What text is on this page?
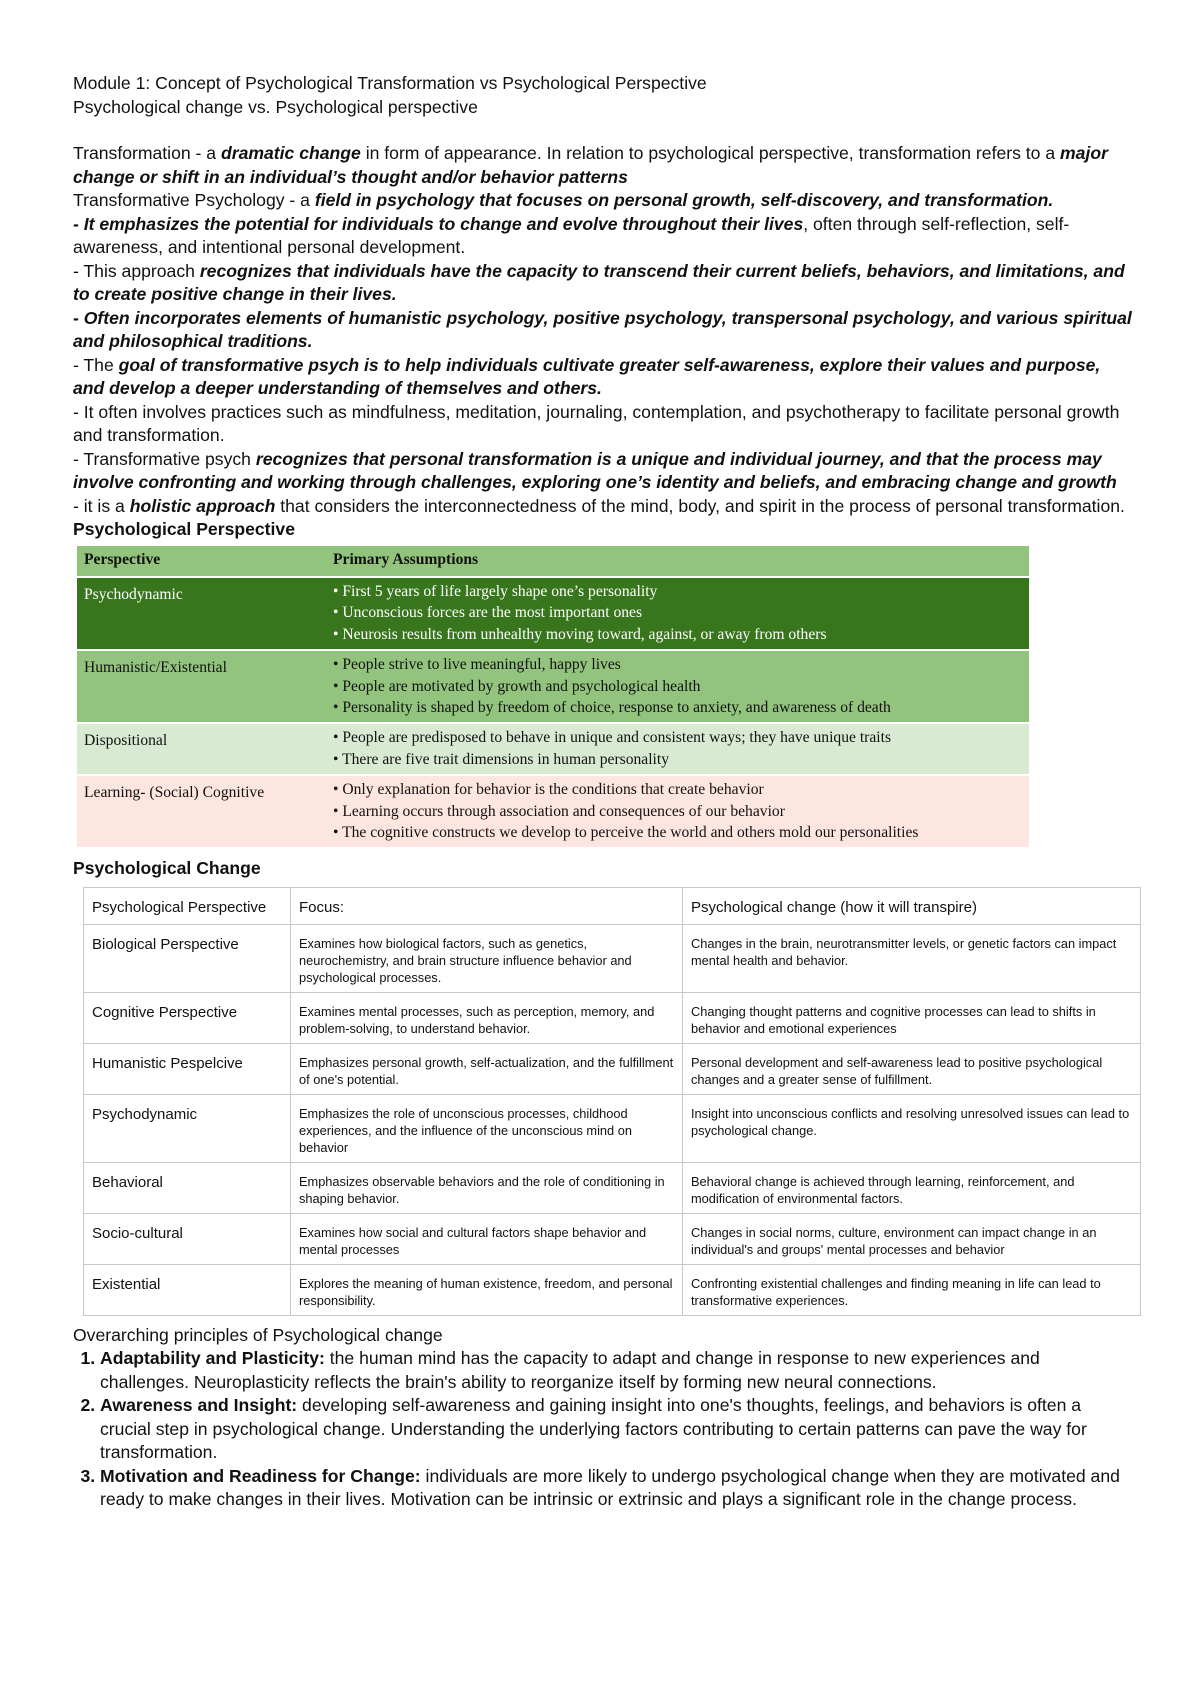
Module 1: Concept of Psychological Transformation vs Psychological Perspective

Psychological change vs. Psychological perspective

Transformation - a dramatic change in form of appearance. In relation to psychological perspective, transformation refers to a major change or shift in an individual’s thought and/or behavior patterns

Transformative Psychology - a field in psychology that focuses on personal growth, self-discovery, and transformation.

- It emphasizes the potential for individuals to change and evolve throughout their lives, often through self-reflection, self-awareness, and intentional personal development.

- This approach recognizes that individuals have the capacity to transcend their current beliefs, behaviors, and limitations, and to create positive change in their lives.

- Often incorporates elements of humanistic psychology, positive psychology, transpersonal psychology, and various spiritual and philosophical traditions.

- The goal of transformative psych is to help individuals cultivate greater self-awareness, explore their values and purpose, and develop a deeper understanding of themselves and others.

- It often involves practices such as mindfulness, meditation, journaling, contemplation, and psychotherapy to facilitate personal growth and transformation.

- Transformative psych recognizes that personal transformation is a unique and individual journey, and that the process may involve confronting and working through challenges, exploring one’s identity and beliefs, and embracing change and growth

- it is a holistic approach that considers the interconnectedness of the mind, body, and spirit in the process of personal transformation.

Psychological Perspective

Perspective	Primary Assumptions
Psychodynamic	• First 5 years of life largely shape one’s personality
• Unconscious forces are the most important ones
• Neurosis results from unhealthy moving toward, against, or away from others

Humanistic/Existential	• People strive to live meaningful, happy lives
• People are motivated by growth and psychological health
• Personality is shaped by freedom of choice, response to anxiety, and awareness of death

Dispositional	• People are predisposed to behave in unique and consistent ways; they have unique traits
• There are five trait dimensions in human personality

Learning- (Social) Cognitive	• Only explanation for behavior is the conditions that create behavior
• Learning occurs through association and consequences of our behavior
• The cognitive constructs we develop to perceive the world and others mold our personalities

Psychological Change

Psychological Perspective	Focus:	Psychological change (how it will transpire)
Biological Perspective	Examines how biological factors, such as genetics, neurochemistry, and brain structure influence behavior and psychological processes.	Changes in the brain, neurotransmitter levels, or genetic factors can impact mental health and behavior.
Cognitive Perspective	Examines mental processes, such as perception, memory, and problem-solving, to understand behavior.	Changing thought patterns and cognitive processes can lead to shifts in behavior and emotional experiences
Humanistic Pespelcive	Emphasizes personal growth, self-actualization, and the fulfillment of one's potential.	Personal development and self-awareness lead to positive psychological changes and a greater sense of fulfillment.
Psychodynamic	Emphasizes the role of unconscious processes, childhood experiences, and the influence of the unconscious mind on behavior	Insight into unconscious conflicts and resolving unresolved issues can lead to psychological change.
Behavioral	Emphasizes observable behaviors and the role of conditioning in shaping behavior.	Behavioral change is achieved through learning, reinforcement, and modification of environmental factors.
Socio-cultural	Examines how social and cultural factors shape behavior and mental processes	Changes in social norms, culture, environment can impact change in an individual's and groups' mental processes and behavior
Existential	Explores the meaning of human existence, freedom, and personal responsibility.	Confronting existential challenges and finding meaning in life can lead to transformative experiences.

Overarching principles of Psychological change

1. Adaptability and Plasticity: the human mind has the capacity to adapt and change in response to new experiences and challenges. Neuroplasticity reflects the brain's ability to reorganize itself by forming new neural connections.
2. Awareness and Insight: developing self-awareness and gaining insight into one's thoughts, feelings, and behaviors is often a crucial step in psychological change. Understanding the underlying factors contributing to certain patterns can pave the way for transformation.
3. Motivation and Readiness for Change: individuals are more likely to undergo psychological change when they are motivated and ready to make changes in their lives. Motivation can be intrinsic or extrinsic and plays a significant role in the change process.
